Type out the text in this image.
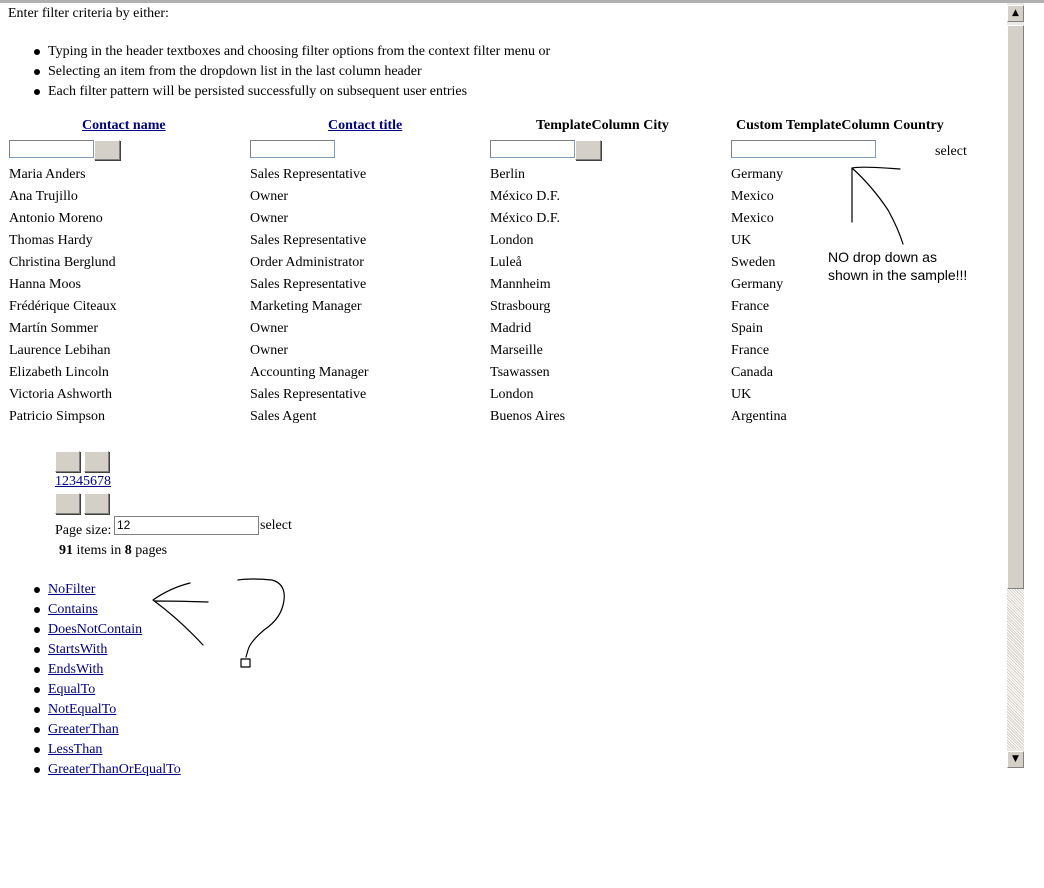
Enter filter criteria by either:
Typing in the header textboxes and choosing filter options from the context filter menu or
Selecting an item from the dropdown list in the last column header
Each filter pattern will be persisted successfully on subsequent user entries
Contact name	Contact title	TemplateColumn City	Custom TemplateColumn Country
select
Maria Anders	Sales Representative	Berlin	Germany
Ana Trujillo	Owner	México D.F.	Mexico
Antonio Moreno	Owner	México D.F.	Mexico
Thomas Hardy	Sales Representative	London	UK
Christina Berglund	Order Administrator	Luleå	Sweden
Hanna Moos	Sales Representative	Mannheim	Germany
Frédérique Citeaux	Marketing Manager	Strasbourg	France
Martín Sommer	Owner	Madrid	Spain
Laurence Lebihan	Owner	Marseille	France
Elizabeth Lincoln	Accounting Manager	Tsawassen	Canada
Victoria Ashworth	Sales Representative	London	UK
Patricio Simpson	Sales Agent	Buenos Aires	Argentina
12345678
Page size: 12	select
91 items in 8 pages
NoFilter
Contains
DoesNotContain
StartsWith
EndsWith
EqualTo
NotEqualTo
GreaterThan
LessThan
GreaterThanOrEqualTo
NO drop down as
shown in the sample!!!
▲
▼
